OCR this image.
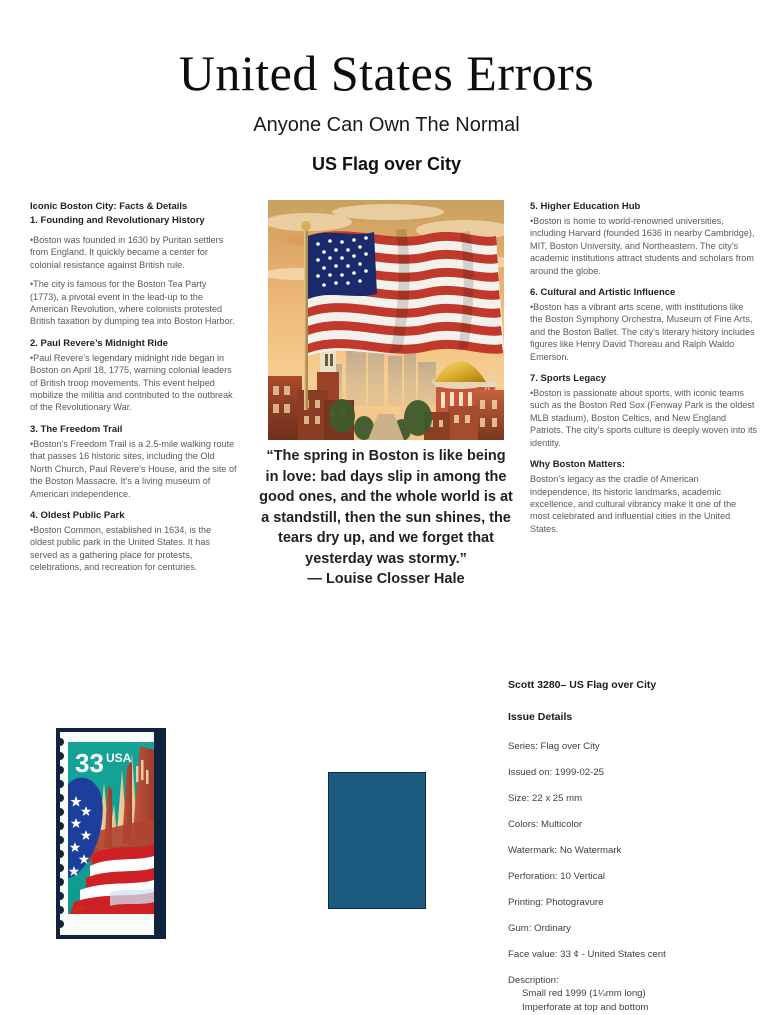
United States Errors
Anyone Can Own The Normal
US Flag over City
Iconic Boston City: Facts & Details
1. Founding and Revolutionary History

•Boston was founded in 1630 by Puritan settlers from England. It quickly became a center for colonial resistance against British rule.

•The city is famous for the Boston Tea Party (1773), a pivotal event in the lead-up to the American Revolution, where colonists protested British taxation by dumping tea into Boston Harbor.

2. Paul Revere’s Midnight Ride

•Paul Revere’s legendary midnight ride began in Boston on April 18, 1775, warning colonial leaders of British troop movements. This event helped mobilize the militia and contributed to the outbreak of the Revolutionary War.

3. The Freedom Trail

•Boston’s Freedom Trail is a 2.5-mile walking route that passes 16 historic sites, including the Old North Church, Paul Revere’s House, and the site of the Boston Massacre. It’s a living museum of American independence.

4. Oldest Public Park

•Boston Common, established in 1634, is the oldest public park in the United States. It has served as a gathering place for protests, celebrations, and recreation for centuries.

5. Higher Education Hub

•Boston is home to world-renowned universities, including Harvard (founded 1636 in nearby Cambridge), MIT, Boston University, and Northeastern. The city’s academic institutions attract students and scholars from around the globe.

6. Cultural and Artistic Influence

•Boston has a vibrant arts scene, with institutions like the Boston Symphony Orchestra, Museum of Fine Arts, and the Boston Ballet. The city’s literary history includes figures like Henry David Thoreau and Ralph Waldo Emerson.

7. Sports Legacy

•Boston is passionate about sports, with iconic teams such as the Boston Red Sox (Fenway Park is the oldest MLB stadium), Boston Celtics, and New England Patriots. The city’s sports culture is deeply woven into its identity.

Why Boston Matters:

Boston’s legacy as the cradle of American independence, its historic landmarks, academic excellence, and cultural vibrancy make it one of the most celebrated and influential cities in the United States.

“The spring in Boston is like being in love: bad days slip in among the good ones, and the whole world is at a standstill, then the sun shines, the tears dry up, and we forget that yesterday was stormy.”
— Louise Closser Hale
33 USA
1999
Scott 3280– US Flag over City
Issue Details
Series: Flag over City
Issued on: 1999-02-25
Size: 22 x 25 mm
Colors: Multicolor
Watermark: No Watermark
Perforation: 10 Vertical
Printing: Photogravure
Gum: Ordinary
Face value: 33 ¢ - United States cent
Description:
Small red 1999 (1¼mm long)
Imperforate at top and bottom
